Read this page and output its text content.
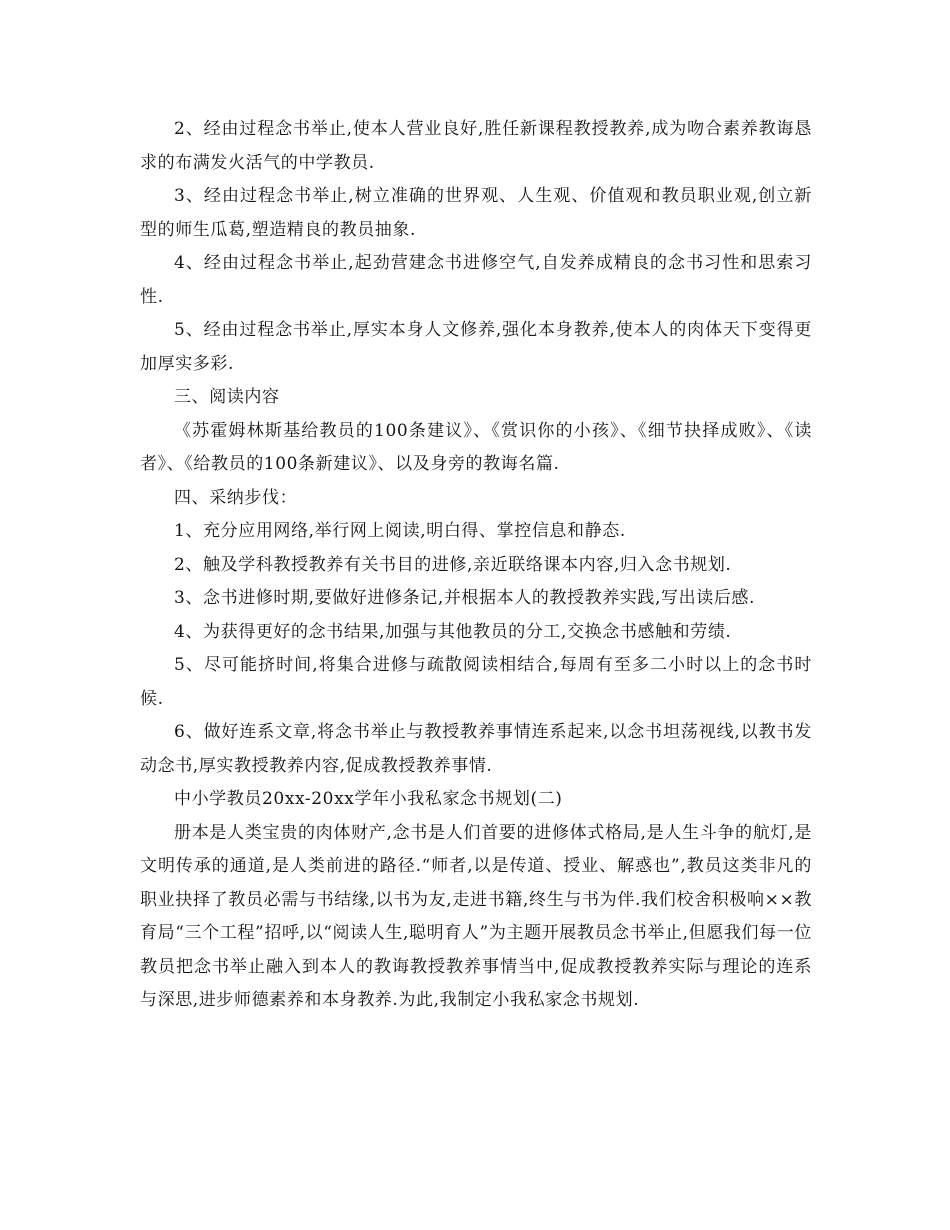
2、经由过程念书举止,使本人营业良好,胜任新课程教授教养,成为吻合素养教诲恳求的布满发火活气的中学教员.

3、经由过程念书举止,树立准确的世界观、人生观、价值观和教员职业观,创立新型的师生瓜葛,塑造精良的教员抽象.

4、经由过程念书举止,起劲营建念书进修空气,自发养成精良的念书习性和思索习性.

5、经由过程念书举止,厚实本身人文修养,强化本身教养,使本人的肉体天下变得更加厚实多彩.

三、阅读内容

《苏霍姆林斯基给教员的100条建议》、《赏识你的小孩》、《细节抉择成败》、《读者》、《给教员的100条新建议》、以及身旁的教诲名篇.

四、采纳步伐：

1、充分应用网络,举行网上阅读,明白得、掌控信息和静态.

2、触及学科教授教养有关书目的进修,亲近联络课本内容,归入念书规划.

3、念书进修时期,要做好进修条记,并根据本人的教授教养实践,写出读后感.

4、为获得更好的念书结果,加强与其他教员的分工,交换念书感触和劳绩.

5、尽可能挤时间,将集合进修与疏散阅读相结合,每周有至多二小时以上的念书时候.

6、做好连系文章,将念书举止与教授教养事情连系起来,以念书坦荡视线,以教书发动念书,厚实教授教养内容,促成教授教养事情.

中小学教员20xx-20xx学年小我私家念书规划(二)

册本是人类宝贵的肉体财产,念书是人们首要的进修体式格局,是人生斗争的航灯,是文明传承的通道,是人类前进的路径.“师者,以是传道、授业、解惑也”,教员这类非凡的职业抉择了教员必需与书结缘,以书为友,走进书籍,终生与书为伴.我们校舍积极响××教育局“三个工程”招呼,以“阅读人生,聪明育人”为主题开展教员念书举止,但愿我们每一位教员把念书举止融入到本人的教诲教授教养事情当中,促成教授教养实际与理论的连系与深思,进步师德素养和本身教养.为此,我制定小我私家念书规划.
